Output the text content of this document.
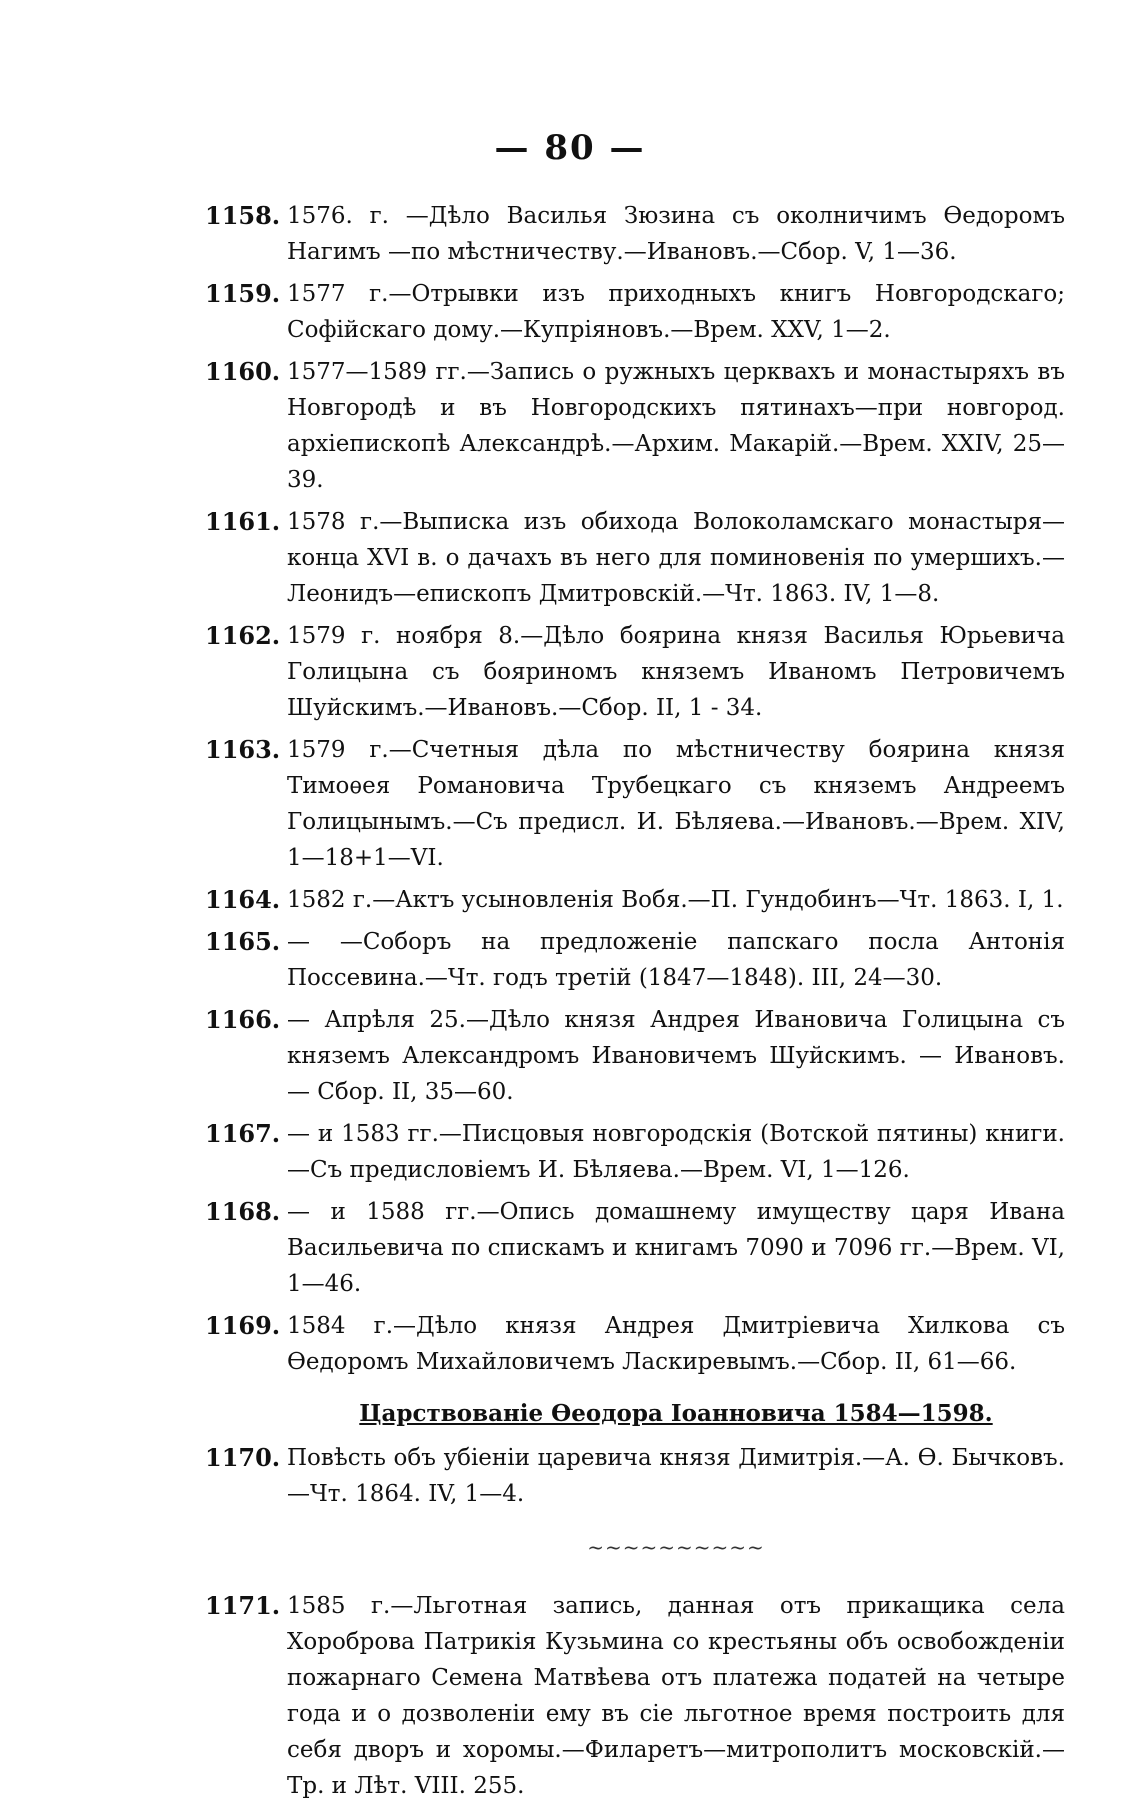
— 80 —
1158. 1576. г. —Дѣло Василья Зюзина съ околничимъ Ѳедоромъ Нагимъ —по мѣстничеству.—Ивановъ.—Сбор. V, 1—36.
1159. 1577 г.—Отрывки изъ приходныхъ книгъ Новгородскаго; Софійскаго дому.—Купріяновъ.—Врем. XXV, 1—2.
1160. 1577—1589 гг.—Запись о ружныхъ церквахъ и монастыряхъ въ Новгородѣ и въ Новгородскихъ пятинахъ—при новгород. архіепископѣ Александрѣ.—Архим. Макарій.—Врем. XXIV, 25—39.
1161. 1578 г.—Выписка изъ обихода Волоколамскаго монастыря—конца XVI в. о дачахъ въ него для поминовенія по умершихъ.—Леонидъ—епископъ Дмитровскій.—Чт. 1863. IV, 1—8.
1162. 1579 г. ноября 8.—Дѣло боярина князя Василья Юрьевича Голицына съ бояриномъ княземъ Иваномъ Петровичемъ Шуйскимъ.—Ивановъ.—Сбор. II, 1 - 34.
1163. 1579 г.—Счетныя дѣла по мѣстничеству боярина князя Тимоѳея Романовича Трубецкаго съ княземъ Андреемъ Голицынымъ.—Съ предисл. И. Бѣляева.—Ивановъ.—Врем. XIV, 1—18+1—VI.
1164. 1582 г.—Актъ усыновленія Вобя.—П. Гундобинъ—Чт. 1863. I, 1.
1165. — —Соборъ на предложеніе папскаго посла Антонія Поссевина.—Чт. годъ третій (1847—1848). III, 24—30.
1166. — Апрѣля 25.—Дѣло князя Андрея Ивановича Голицына съ княземъ Александромъ Ивановичемъ Шуйскимъ. — Ивановъ. — Сбор. II, 35—60.
1167. — и 1583 гг.—Писцовыя новгородскія (Вотской пятины) книги.—Съ предисловіемъ И. Бѣляева.—Врем. VI, 1—126.
1168. — и 1588 гг.—Опись домашнему имуществу царя Ивана Васильевича по спискамъ и книгамъ 7090 и 7096 гг.—Врем. VI, 1—46.
1169. 1584 г.—Дѣло князя Андрея Дмитріевича Хилкова съ Ѳедоромъ Михайловичемъ Ласкиревымъ.—Сбор. II, 61—66.
Царствованіе Ѳеодора Іоанновича 1584—1598.
1170. Повѣсть объ убіеніи царевича князя Димитрія.—А. Ѳ. Бычковъ.—Чт. 1864. IV, 1—4.
~~~~~~~~~~
1171. 1585 г.—Льготная запись, данная отъ прикащика села Хороброва Патрикія Кузьмина со крестьяны объ освобожденіи пожарнаго Семена Матвѣева отъ платежа податей на четыре года и о дозволеніи ему въ сіе льготное время построить для себя дворъ и хоромы.—Филаретъ—митрополитъ московскій.—Тр. и Лѣт. VIII. 255.
